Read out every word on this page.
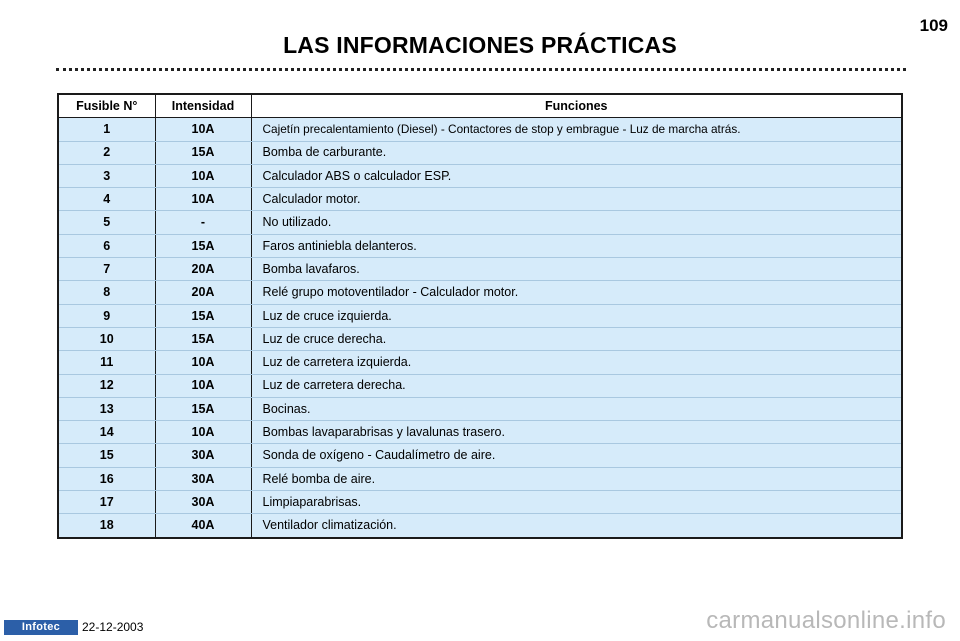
109
LAS INFORMACIONES PRÁCTICAS
Fusible N°	Intensidad	Funciones
1	10A	Cajetín precalentamiento (Diesel) - Contactores de stop y embrague - Luz de marcha atrás.
2	15A	Bomba de carburante.
3	10A	Calculador ABS o calculador ESP.
4	10A	Calculador motor.
5	-	No utilizado.
6	15A	Faros antiniebla delanteros.
7	20A	Bomba lavafaros.
8	20A	Relé grupo motoventilador - Calculador motor.
9	15A	Luz de cruce izquierda.
10	15A	Luz de cruce derecha.
11	10A	Luz de carretera izquierda.
12	10A	Luz de carretera derecha.
13	15A	Bocinas.
14	10A	Bombas lavaparabrisas y lavalunas trasero.
15	30A	Sonda de oxígeno - Caudalímetro de aire.
16	30A	Relé bomba de aire.
17	30A	Limpiaparabrisas.
18	40A	Ventilador climatización.
Infotec	22-12-2003	carmanualsonline.info
